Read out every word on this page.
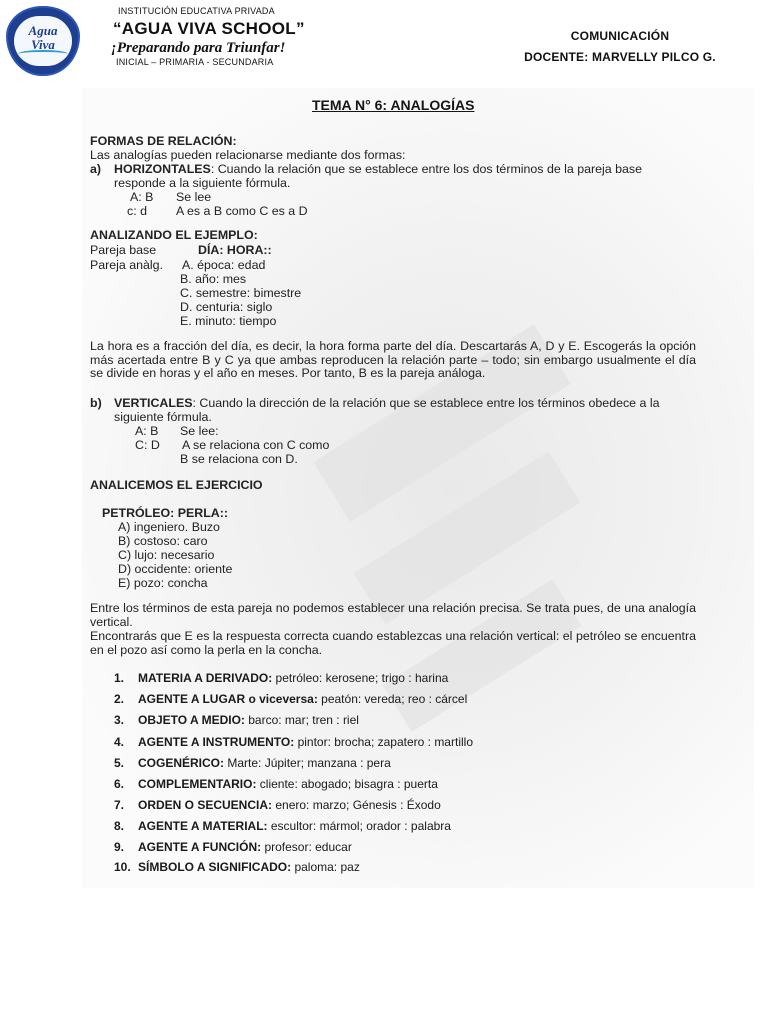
Agua
Viva
INSTITUCIÓN EDUCATIVA PRIVADA
“AGUA VIVA SCHOOL”
¡Preparando para Triunfar!
INICIAL – PRIMARIA - SECUNDARIA
COMUNICACIÓN
DOCENTE: MARVELLY PILCO G.
TEMA N° 6: ANALOGÍAS
FORMAS DE RELACIÓN:
Las analogías pueden relacionarse mediante dos formas:
a) HORIZONTALES: Cuando la relación que se establece entre los dos términos de la pareja base
responde a la siguiente fórmula.
A: B Se lee
c: d A es a B como C es a D
ANALIZANDO EL EJEMPLO:
Pareja base	DÍA: HORA::
Pareja anàlg. A. época: edad
B. año: mes
C. semestre: bimestre
D. centuria: siglo
E. minuto: tiempo
La hora es a fracción del día, es decir, la hora forma parte del día. Descartarás A, D y E. Escogerás la opción más acertada entre B y C ya que ambas reproducen la relación parte – todo; sin embargo usualmente el día se divide en horas y el año en meses. Por tanto, B es la pareja análoga.
b) VERTICALES: Cuando la dirección de la relación que se establece entre los términos obedece a la
siguiente fórmula.
A: B Se lee:
C: D A se relaciona con C como
B se relaciona con D.
ANALICEMOS EL EJERCICIO
PETRÓLEO: PERLA::
A) ingeniero. Buzo
B) costoso: caro
C) lujo: necesario
D) occidente: oriente
E) pozo: concha
Entre los términos de esta pareja no podemos establecer una relación precisa. Se trata pues, de una analogía vertical.
Encontrarás que E es la respuesta correcta cuando establezcas una relación vertical: el petróleo se encuentra en el pozo así como la perla en la concha.
1. MATERIA A DERIVADO: petróleo: kerosene; trigo : harina
2. AGENTE A LUGAR o viceversa: peatón: vereda; reo : cárcel
3. OBJETO A MEDIO: barco: mar; tren : riel
4. AGENTE A INSTRUMENTO: pintor: brocha; zapatero : martillo
5. COGENÉRICO: Marte: Júpiter; manzana : pera
6. COMPLEMENTARIO: cliente: abogado; bisagra : puerta
7. ORDEN O SECUENCIA: enero: marzo; Génesis : Éxodo
8. AGENTE A MATERIAL: escultor: mármol; orador : palabra
9. AGENTE A FUNCIÓN: profesor: educar
10. SÍMBOLO A SIGNIFICADO: paloma: paz
